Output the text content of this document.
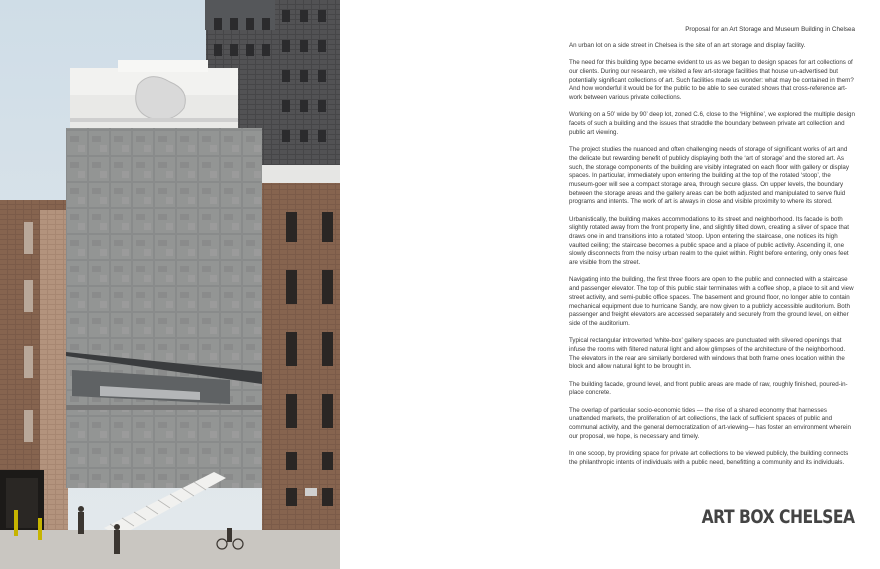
Proposal for an Art Storage and Museum Building in Chelsea

An urban lot on a side street in Chelsea is the site of an art storage and display facility.

The need for this building type became evident to us as we began to design spaces for art collections of our clients. During our research, we visited a few art-storage facilities that house un-advertised but potentially significant collections of art. Such facilities made us wonder: what may be contained in them? And how wonderful it would be for the public to be able to see curated shows that cross-reference art-work between various private collections.

Working on a 50’ wide by 90’ deep lot, zoned C.6, close to the ‘Highline’, we explored the multiple design facets of such a building and the issues that straddle the boundary between private art collection and public art viewing.

The project studies the nuanced and often challenging needs of storage of significant works of art and the delicate but rewarding benefit of publicly displaying both the ‘art of storage’ and the stored art. As such, the storage components of the building are visibly integrated on each floor with gallery or display spaces. In particular, immediately upon entering the building at the top of the rotated ‘stoop’, the museum-goer will see a compact storage area, through secure glass. On upper levels, the boundary between the storage areas and the gallery areas can be both adjusted and manipulated to serve fluid programs and intents. The work of art is always in close and visible proximity to where its stored.

Urbanistically, the building makes accommodations to its street and neighborhood. Its facade is both slightly rotated away from the front property line, and slightly tilted down, creating a sliver of space that draws one in and transitions into a rotated ‘stoop. Upon entering the staircase, one notices its high vaulted ceiling; the staircase becomes a public space and a place of public activity. Ascending it, one slowly disconnects from the noisy urban realm to the quiet within. Right before entering, only ones feet are visible from the street.

Navigating into the building, the first three floors are open to the public and connected with a staircase and passenger elevator. The top of this public stair terminates with a coffee shop, a place to sit and view street activity, and semi-public office spaces. The basement and ground floor, no longer able to contain mechanical equipment due to hurricane Sandy, are now given to a publicly accessible auditorium. Both passenger and freight elevators are accessed separately and securely from the ground level, on either side of the auditorium.

Typical rectangular introverted ‘white-box’ gallery spaces are punctuated with slivered openings that infuse the rooms with filtered natural light and allow glimpses of the architecture of the neighborhood. The elevators in the rear are similarly bordered with windows that both frame ones location within the block and allow natural light to be brought in.

The building facade, ground level, and front public areas are made of raw, roughly finished, poured-in-place concrete.

The overlap of particular socio-economic tides — the rise of a shared economy that harnesses unattended markets, the proliferation of art collections, the lack of sufficient spaces of public and communal activity, and the general democratization of art-viewing— has foster an environment wherein our proposal, we hope, is necessary and timely.

In one scoop, by providing space for private art collections to be viewed publicly, the building connects the philanthropic intents of individuals with a public need, benefitting a community and its individuals.

ART BOX CHELSEA
